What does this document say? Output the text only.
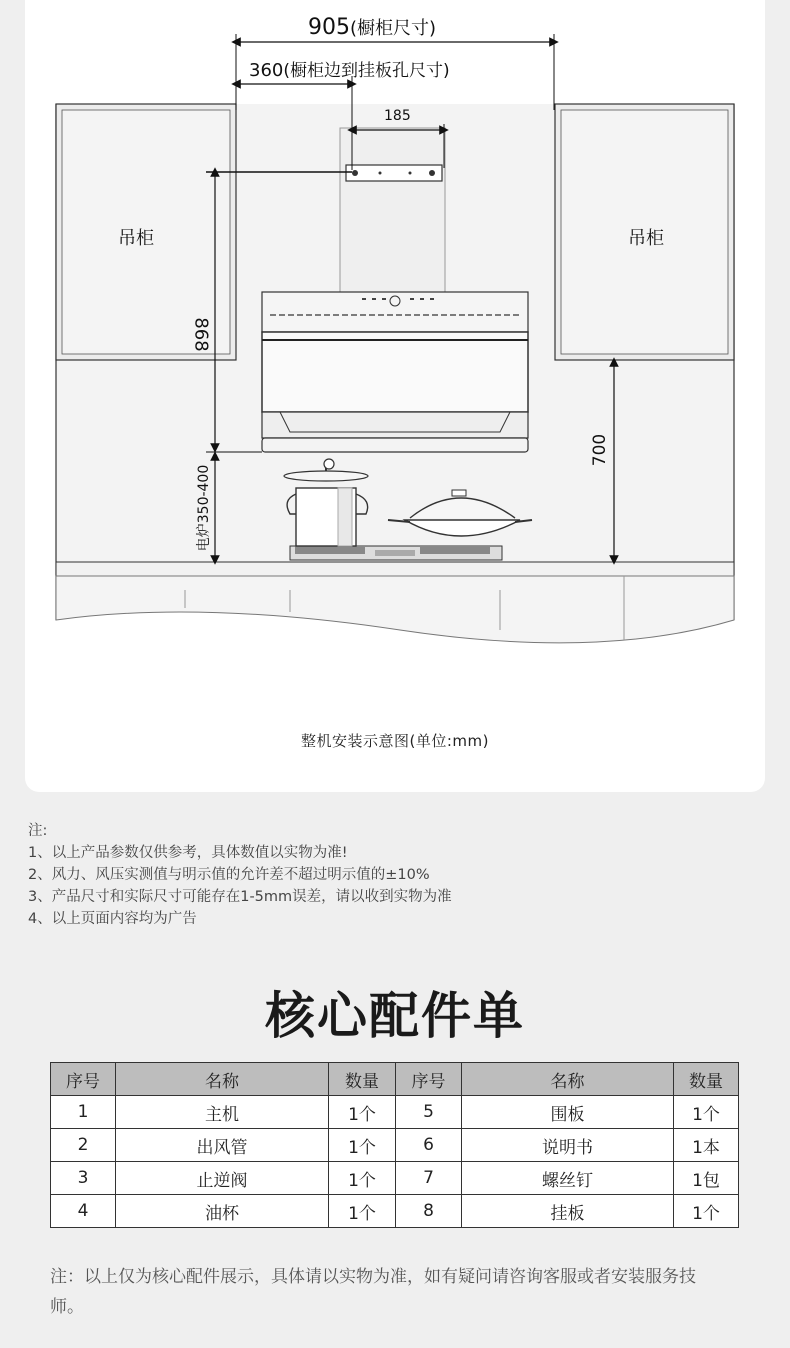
905(橱柜尺寸)
360(橱柜边到挂板孔尺寸)
185
吊柜	吊柜
868
700
电炉350-400
整机安装示意图(单位:mm)
注:
1、以上产品参数仅供参考，具体数值以实物为准!
2、风力、风压实测值与明示值的允许差不超过明示值的±10%
3、产品尺寸和实际尺寸可能存在1-5mm误差，请以收到实物为准
4、以上页面内容均为广告
核心配件单
序号	名称	数量	序号	名称	数量
1	主机	1个	5	围板	1个
2	出风管	1个	6	说明书	1本
3	止逆阀	1个	7	螺丝钉	1包
4	油杯	1个	8	挂板	1个
注：以上仅为核心配件展示，具体请以实物为准，如有疑问请咨询客服或者安装服务技师。
